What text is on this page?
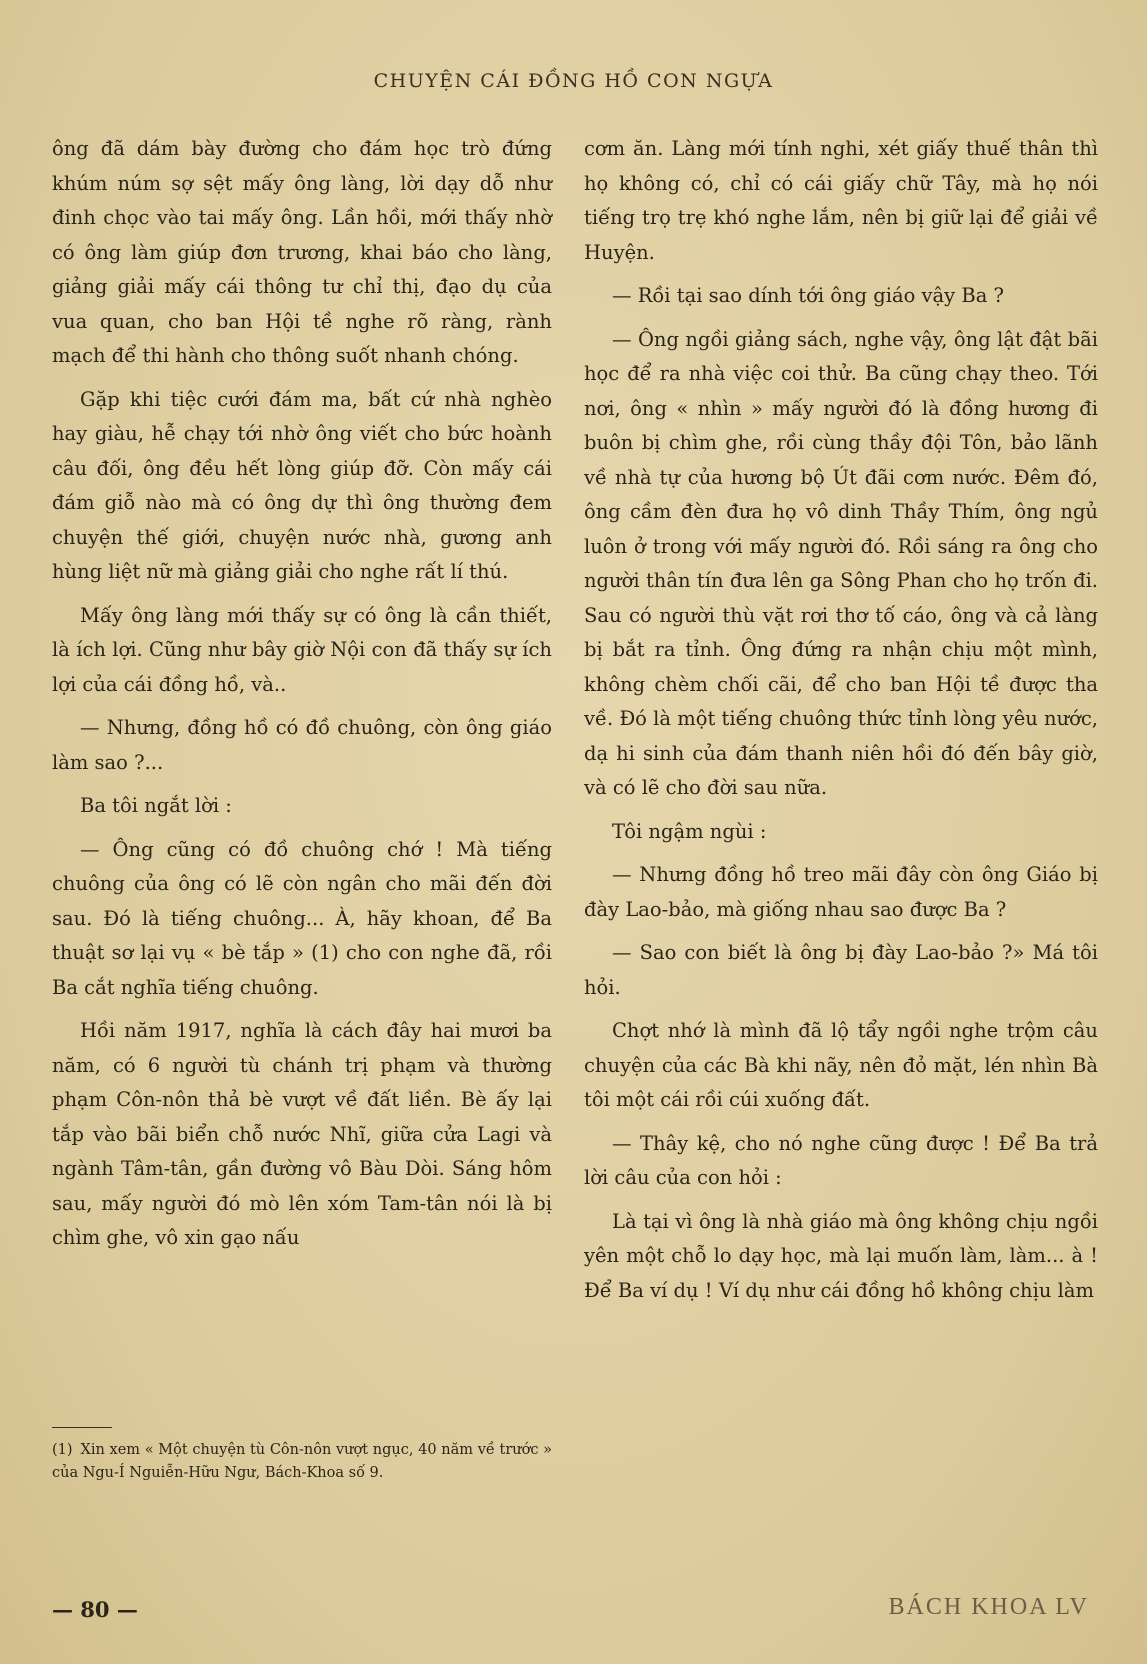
CHUYỆN CÁI ĐỒNG HỒ CON NGỰA

ông đã dám bày đường cho đám học trò đứng khúm núm sợ sệt mấy ông làng, lời dạy dỗ như đinh chọc vào tai mấy ông. Lần hồi, mới thấy nhờ có ông làm giúp đơn trương, khai báo cho làng, giảng giải mấy cái thông tư chỉ thị, đạo dụ của vua quan, cho ban Hội tề nghe rõ ràng, rành mạch để thi hành cho thông suốt nhanh chóng.

Gặp khi tiệc cưới đám ma, bất cứ nhà nghèo hay giàu, hễ chạy tới nhờ ông viết cho bức hoành câu đối, ông đều hết lòng giúp đỡ. Còn mấy cái đám giỗ nào mà có ông dự thì ông thường đem chuyện thế giới, chuyện nước nhà, gương anh hùng liệt nữ mà giảng giải cho nghe rất lí thú.

Mấy ông làng mới thấy sự có ông là cần thiết, là ích lợi. Cũng như bây giờ Nội con đã thấy sự ích lợi của cái đồng hồ, và..

— Nhưng, đồng hồ có đồ chuông, còn ông giáo làm sao ?...

Ba tôi ngắt lời :

— Ông cũng có đồ chuông chớ ! Mà tiếng chuông của ông có lẽ còn ngân cho mãi đến đời sau. Đó là tiếng chuông... À, hãy khoan, để Ba thuật sơ lại vụ « bè tắp » (1) cho con nghe đã, rồi Ba cắt nghĩa tiếng chuông.

Hồi năm 1917, nghĩa là cách đây hai mươi ba năm, có 6 người tù chánh trị phạm và thường phạm Côn-nôn thả bè vượt về đất liền. Bè ấy lại tắp vào bãi biển chỗ nước Nhĩ, giữa cửa Lagi và ngành Tâm-tân, gần đường vô Bàu Dòi. Sáng hôm sau, mấy người đó mò lên xóm Tam-tân nói là bị chìm ghe, vô xin gạo nấu

(1) Xin xem « Một chuyện tù Côn-nôn vượt ngục, 40 năm về trước » của Ngu-Í Nguiễn-Hữu Ngư, Bách-Khoa số 9.

cơm ăn. Làng mới tính nghi, xét giấy thuế thân thì họ không có, chỉ có cái giấy chữ Tây, mà họ nói tiếng trọ trẹ khó nghe lắm, nên bị giữ lại để giải về Huyện.

— Rồi tại sao dính tới ông giáo vậy Ba ?

— Ông ngồi giảng sách, nghe vậy, ông lật đật bãi học để ra nhà việc coi thử. Ba cũng chạy theo. Tới nơi, ông « nhìn » mấy người đó là đồng hương đi buôn bị chìm ghe, rồi cùng thầy đội Tôn, bảo lãnh về nhà tự của hương bộ Út đãi cơm nước. Đêm đó, ông cầm đèn đưa họ vô dinh Thầy Thím, ông ngủ luôn ở trong với mấy người đó. Rồi sáng ra ông cho người thân tín đưa lên ga Sông Phan cho họ trốn đi. Sau có người thù vặt rơi thơ tố cáo, ông và cả làng bị bắt ra tỉnh. Ông đứng ra nhận chịu một mình, không chèm chối cãi, để cho ban Hội tề được tha về. Đó là một tiếng chuông thức tỉnh lòng yêu nước, dạ hi sinh của đám thanh niên hồi đó đến bây giờ, và có lẽ cho đời sau nữa.

Tôi ngậm ngùi :

— Nhưng đồng hồ treo mãi đây còn ông Giáo bị đày Lao-bảo, mà giống nhau sao được Ba ?

— Sao con biết là ông bị đày Lao-bảo ?» Má tôi hỏi.

Chợt nhớ là mình đã lộ tẩy ngồi nghe trộm câu chuyện của các Bà khi nãy, nên đỏ mặt, lén nhìn Bà tôi một cái rồi cúi xuống đất.

— Thây kệ, cho nó nghe cũng được ! Để Ba trả lời câu của con hỏi :

Là tại vì ông là nhà giáo mà ông không chịu ngồi yên một chỗ lo dạy học, mà lại muốn làm, làm... à ! Để Ba ví dụ ! Ví dụ như cái đồng hồ không chịu làm

— 80 —	BÁCH KHOA LV
